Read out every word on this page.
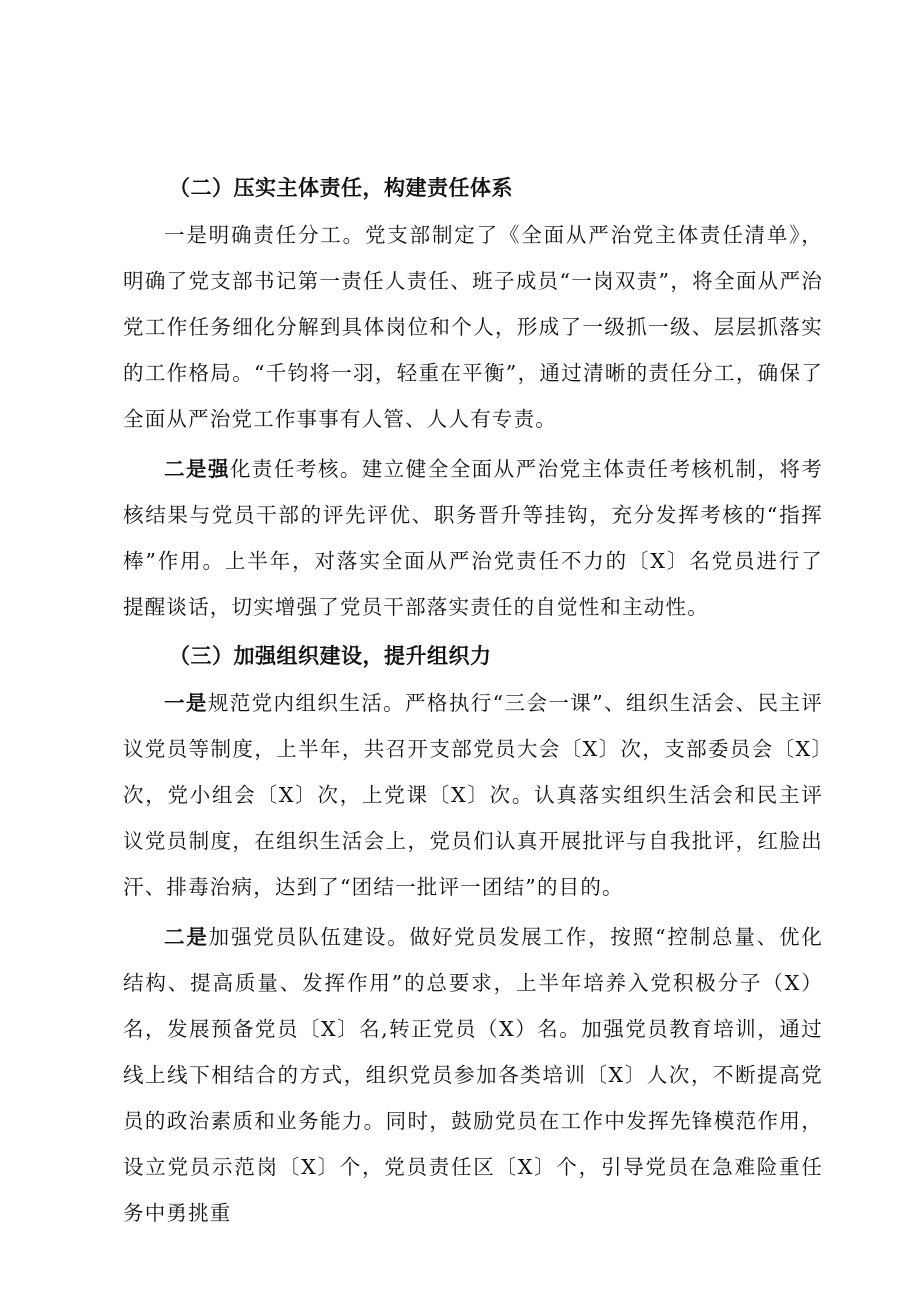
（二）压实主体责任，构建责任体系

一是明确责任分工。党支部制定了《全面从严治党主体责任清单》，明确了党支部书记第一责任人责任、班子成员“一岗双责”，将全面从严治党工作任务细化分解到具体岗位和个人，形成了一级抓一级、层层抓落实的工作格局。“千钧将一羽，轻重在平衡”，通过清晰的责任分工，确保了全面从严治党工作事事有人管、人人有专责。

二是强化责任考核。建立健全全面从严治党主体责任考核机制，将考核结果与党员干部的评先评优、职务晋升等挂钩，充分发挥考核的“指挥棒”作用。上半年，对落实全面从严治党责任不力的〔X〕名党员进行了提醒谈话，切实增强了党员干部落实责任的自觉性和主动性。

（三）加强组织建设，提升组织力

一是规范党内组织生活。严格执行“三会一课”、组织生活会、民主评议党员等制度，上半年，共召开支部党员大会〔X〕次，支部委员会〔X〕次，党小组会〔X〕次，上党课〔X〕次。认真落实组织生活会和民主评议党员制度，在组织生活会上，党员们认真开展批评与自我批评，红脸出汗、排毒治病，达到了“团结一批评一团结”的目的。

二是加强党员队伍建设。做好党员发展工作，按照“控制总量、优化结构、提高质量、发挥作用”的总要求，上半年培养入党积极分子（X）名，发展预备党员〔X〕名,转正党员（X）名。加强党员教育培训，通过线上线下相结合的方式，组织党员参加各类培训〔X〕人次，不断提高党员的政治素质和业务能力。同时，鼓励党员在工作中发挥先锋模范作用，设立党员示范岗〔X〕个，党员责任区〔X〕个，引导党员在急难险重任务中勇挑重
